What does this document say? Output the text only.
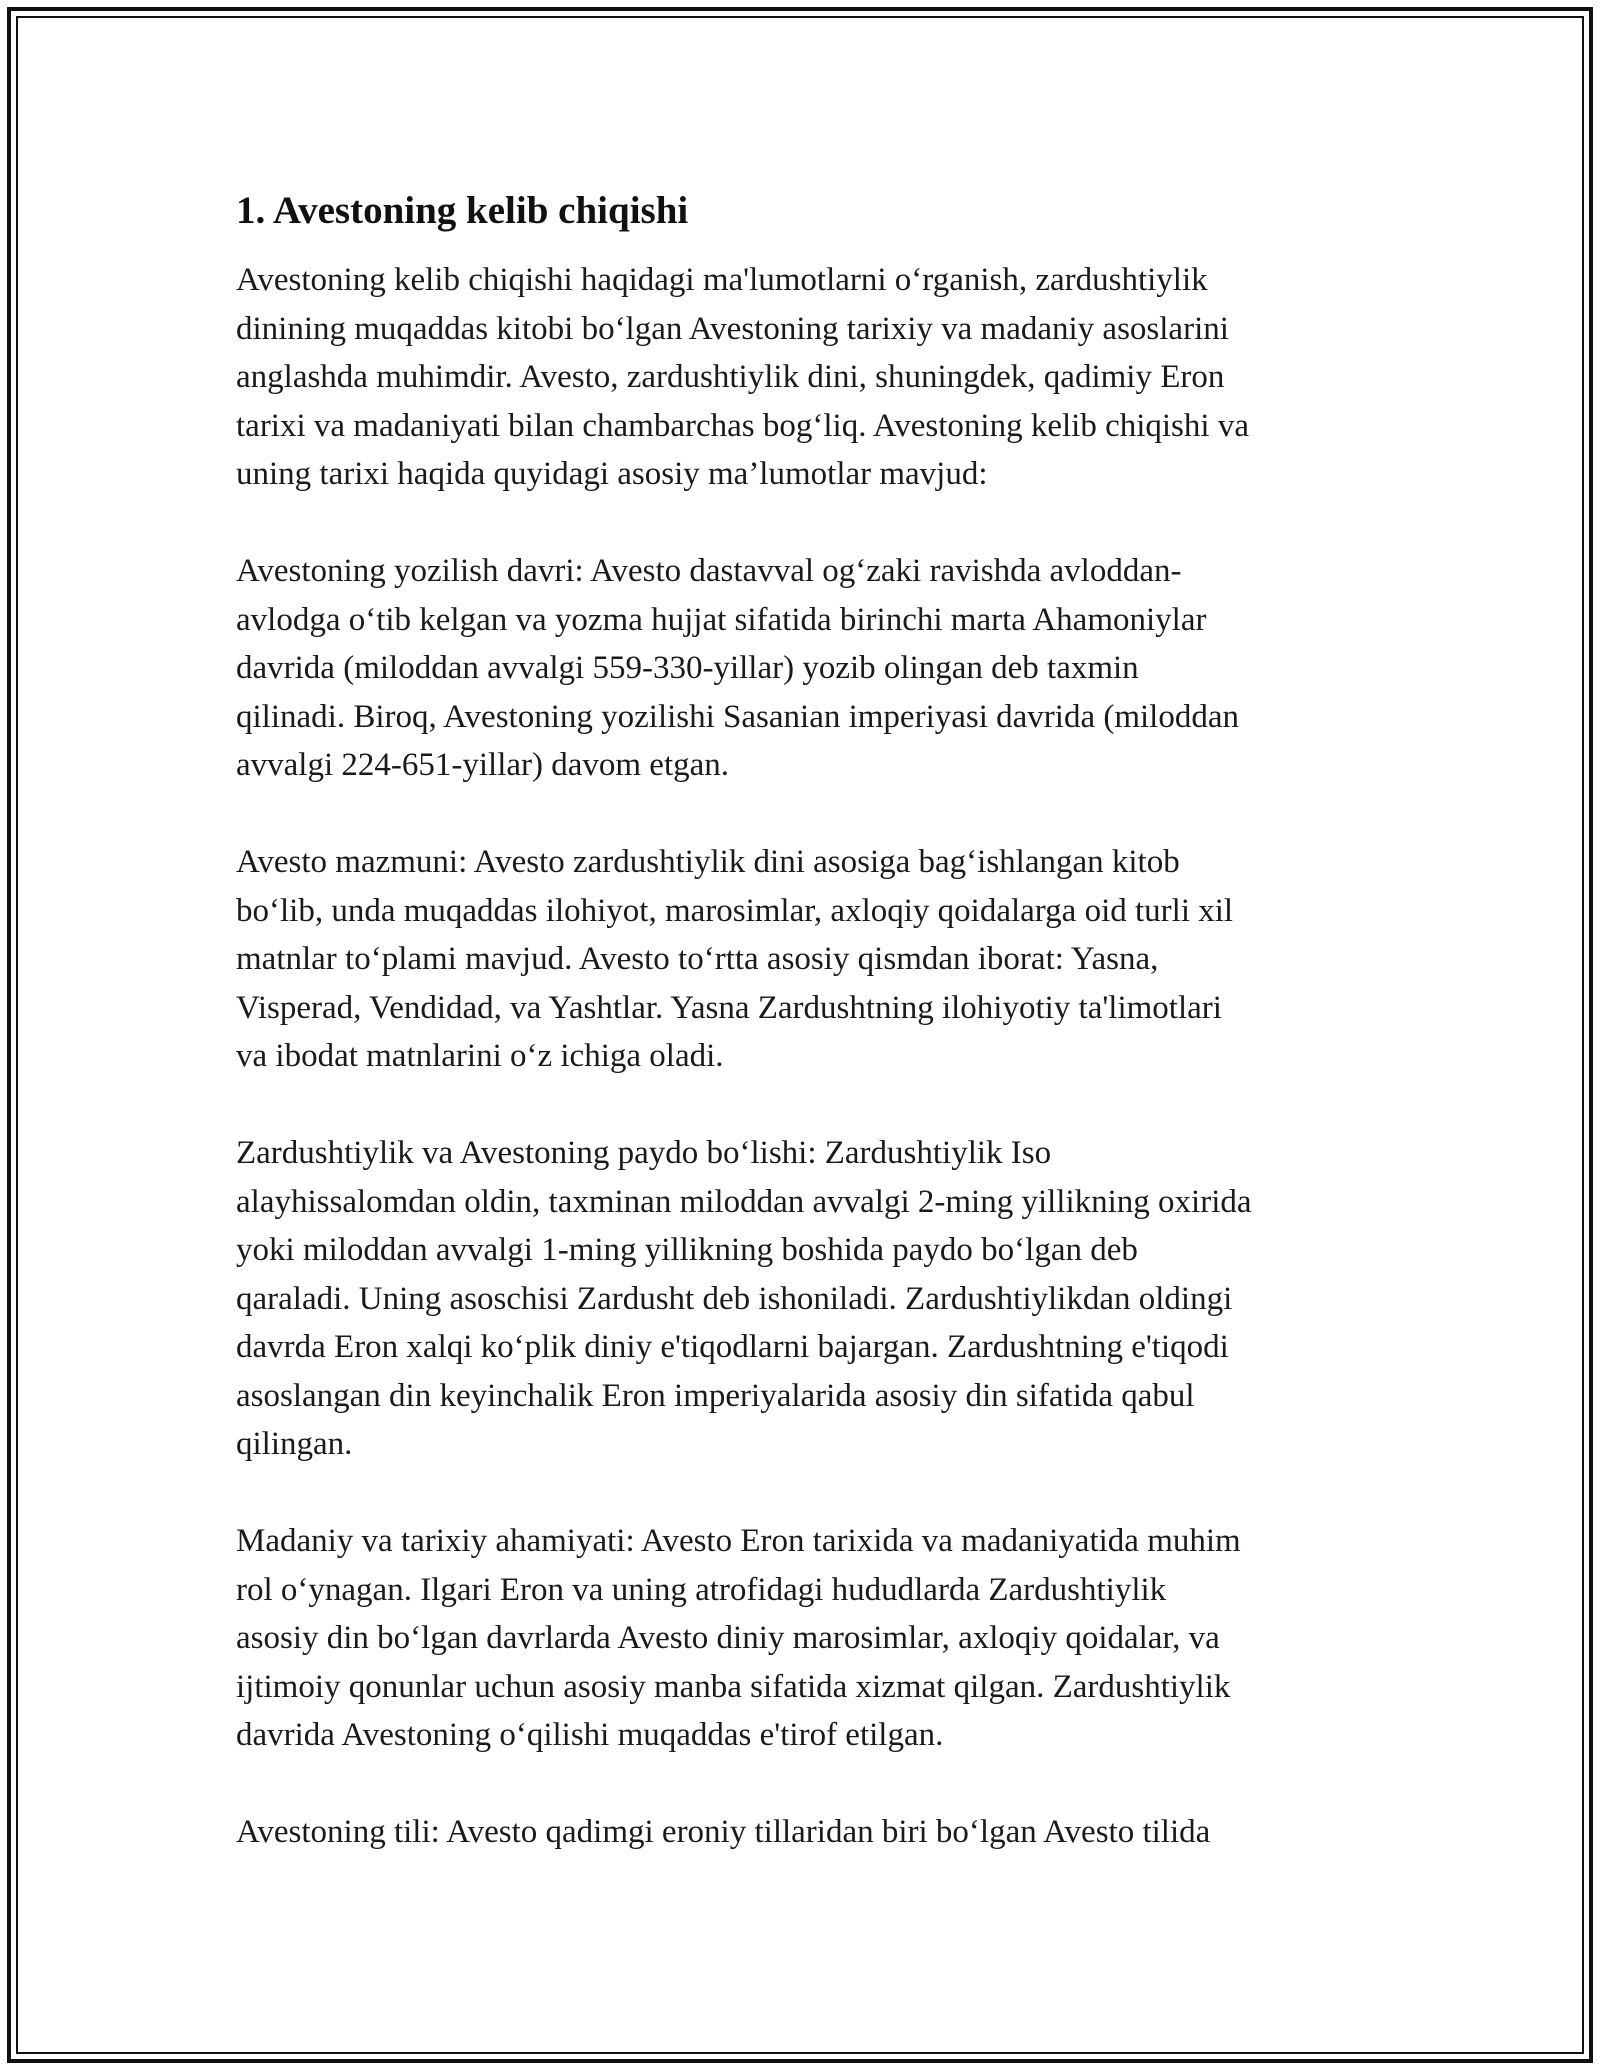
1. Avestoning kelib chiqishi

Avestoning kelib chiqishi haqidagi ma'lumotlarni o‘rganish, zardushtiylik
dinining muqaddas kitobi bo‘lgan Avestoning tarixiy va madaniy asoslarini
anglashda muhimdir. Avesto, zardushtiylik dini, shuningdek, qadimiy Eron
tarixi va madaniyati bilan chambarchas bog‘liq. Avestoning kelib chiqishi va
uning tarixi haqida quyidagi asosiy ma’lumotlar mavjud:

Avestoning yozilish davri: Avesto dastavval og‘zaki ravishda avloddan-
avlodga o‘tib kelgan va yozma hujjat sifatida birinchi marta Ahamoniylar
davrida (miloddan avvalgi 559-330-yillar) yozib olingan deb taxmin
qilinadi. Biroq, Avestoning yozilishi Sasanian imperiyasi davrida (miloddan
avvalgi 224-651-yillar) davom etgan.

Avesto mazmuni: Avesto zardushtiylik dini asosiga bag‘ishlangan kitob
bo‘lib, unda muqaddas ilohiyot, marosimlar, axloqiy qoidalarga oid turli xil
matnlar to‘plami mavjud. Avesto to‘rtta asosiy qismdan iborat: Yasna,
Visperad, Vendidad, va Yashtlar. Yasna Zardushtning ilohiyotiy ta'limotlari
va ibodat matnlarini o‘z ichiga oladi.

Zardushtiylik va Avestoning paydo bo‘lishi: Zardushtiylik Iso
alayhissalomdan oldin, taxminan miloddan avvalgi 2-ming yillikning oxirida
yoki miloddan avvalgi 1-ming yillikning boshida paydo bo‘lgan deb
qaraladi. Uning asoschisi Zardusht deb ishoniladi. Zardushtiylikdan oldingi
davrda Eron xalqi ko‘plik diniy e'tiqodlarni bajargan. Zardushtning e'tiqodi
asoslangan din keyinchalik Eron imperiyalarida asosiy din sifatida qabul
qilingan.

Madaniy va tarixiy ahamiyati: Avesto Eron tarixida va madaniyatida muhim
rol o‘ynagan. Ilgari Eron va uning atrofidagi hududlarda Zardushtiylik
asosiy din bo‘lgan davrlarda Avesto diniy marosimlar, axloqiy qoidalar, va
ijtimoiy qonunlar uchun asosiy manba sifatida xizmat qilgan. Zardushtiylik
davrida Avestoning o‘qilishi muqaddas e'tirof etilgan.

Avestoning tili: Avesto qadimgi eroniy tillaridan biri bo‘lgan Avesto tilida
